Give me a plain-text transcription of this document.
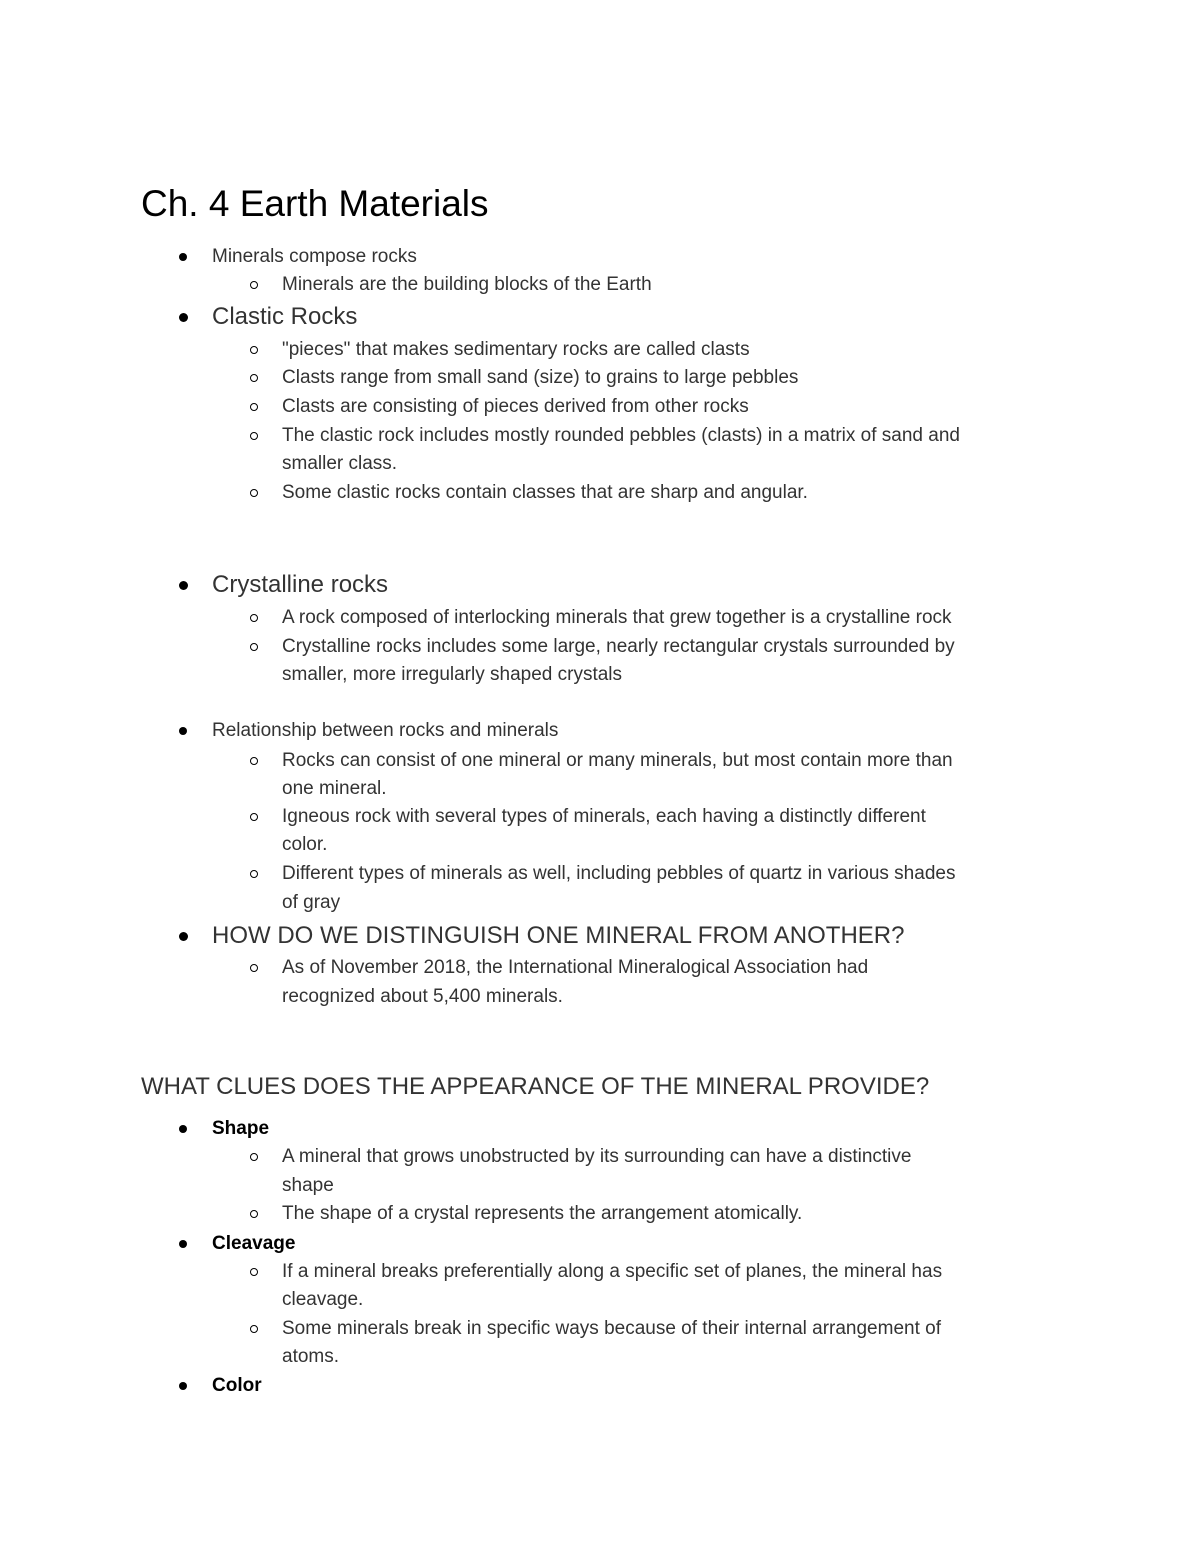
Ch. 4 Earth Materials

Minerals compose rocks

Minerals are the building blocks of the Earth

Clastic Rocks

"pieces" that makes sedimentary rocks are called clasts

Clasts range from small sand (size) to grains to large pebbles

Clasts are consisting of pieces derived from other rocks

The clastic rock includes mostly rounded pebbles (clasts) in a matrix of sand and

smaller class.

Some clastic rocks contain classes that are sharp and angular.

Crystalline rocks

A rock composed of interlocking minerals that grew together is a crystalline rock

Crystalline rocks includes some large, nearly rectangular crystals surrounded by

smaller, more irregularly shaped crystals

Relationship between rocks and minerals

Rocks can consist of one mineral or many minerals, but most contain more than

one mineral.

Igneous rock with several types of minerals, each having a distinctly different

color.

Different types of minerals as well, including pebbles of quartz in various shades

of gray

HOW DO WE DISTINGUISH ONE MINERAL FROM ANOTHER?

As of November 2018, the International Mineralogical Association had

recognized about 5,400 minerals.

WHAT CLUES DOES THE APPEARANCE OF THE MINERAL PROVIDE?

Shape

A mineral that grows unobstructed by its surrounding can have a distinctive

shape

The shape of a crystal represents the arrangement atomically.

Cleavage

If a mineral breaks preferentially along a specific set of planes, the mineral has

cleavage.

Some minerals break in specific ways because of their internal arrangement of

atoms.

Color
